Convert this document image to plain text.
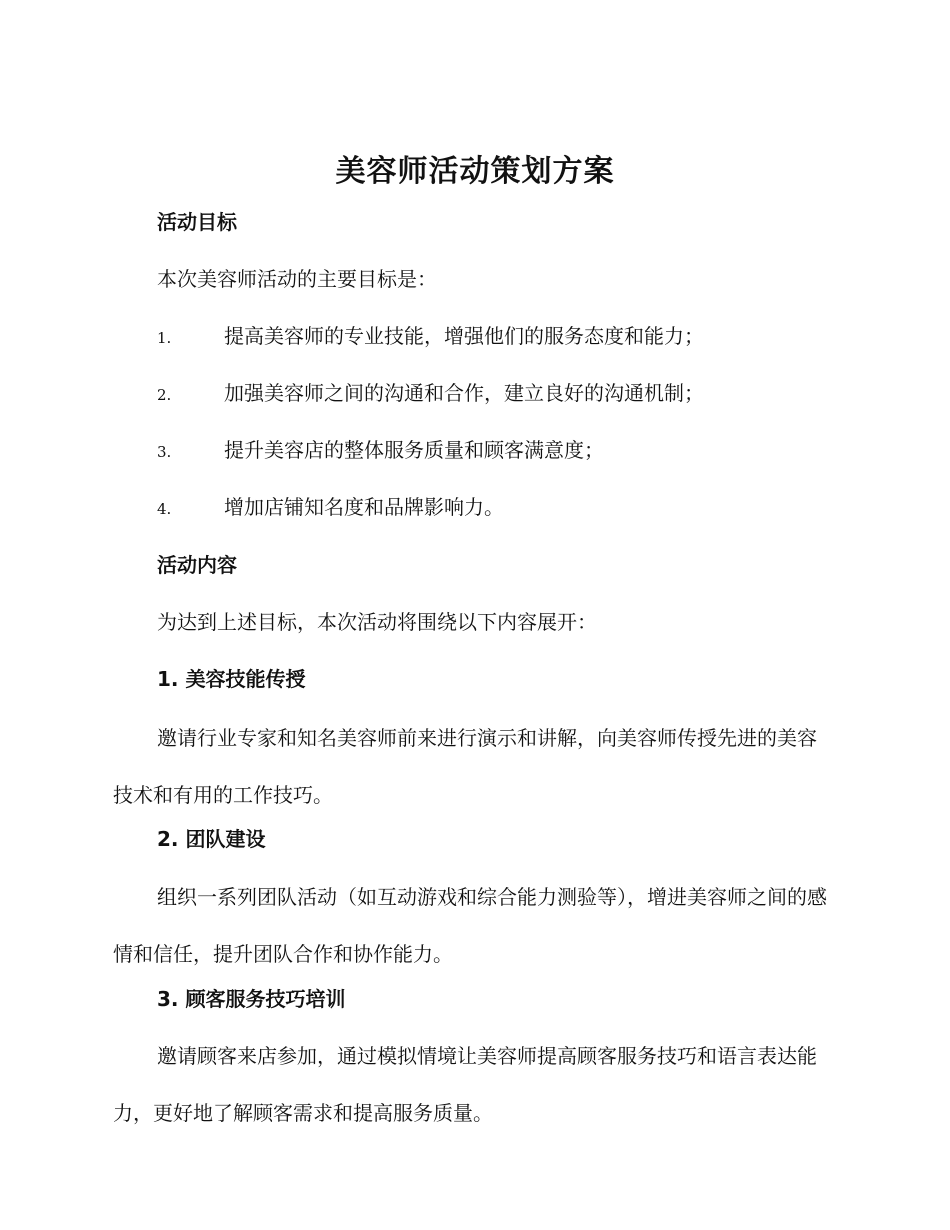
美容师活动策划方案
活动目标
本次美容师活动的主要目标是：
1.	提高美容师的专业技能，增强他们的服务态度和能力；
2.	加强美容师之间的沟通和合作，建立良好的沟通机制；
3.	提升美容店的整体服务质量和顾客满意度；
4.	增加店铺知名度和品牌影响力。
活动内容
为达到上述目标，本次活动将围绕以下内容展开：
1. 美容技能传授
邀请行业专家和知名美容师前来进行演示和讲解，向美容师传授先进的美容技术和有用的工作技巧。
2. 团队建设
组织一系列团队活动（如互动游戏和综合能力测验等），增进美容师之间的感情和信任，提升团队合作和协作能力。
3. 顾客服务技巧培训
邀请顾客来店参加，通过模拟情境让美容师提高顾客服务技巧和语言表达能力，更好地了解顾客需求和提高服务质量。
